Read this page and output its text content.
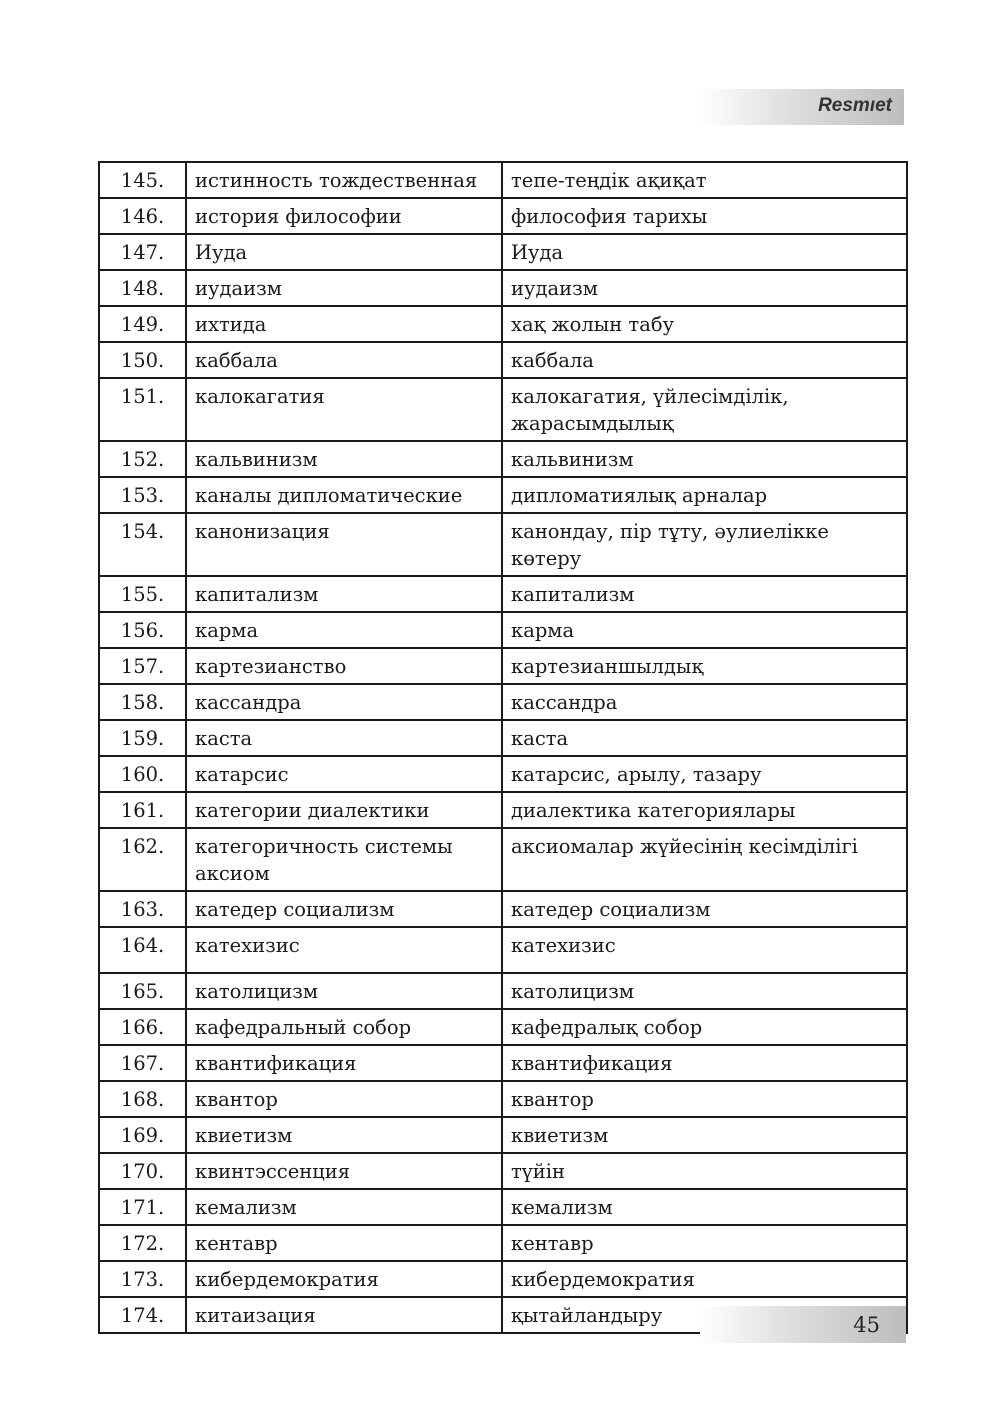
Resmıet
145.	истинность тождественная	тепе-теңдік ақиқат
146.	история философии	философия тарихы
147.	Иуда	Иуда
148.	иудаизм	иудаизм
149.	ихтида	хақ жолын табу
150.	каббала	каббала
151.	калокагатия	калокагатия, үйлесімділік, жарасымдылық
152.	кальвинизм	кальвинизм
153.	каналы дипломатические	дипломатиялық арналар
154.	канонизация	канондау, пір тұту, әулиелікке көтеру
155.	капитализм	капитализм
156.	карма	карма
157.	картезианство	картезианшылдық
158.	кассандра	кассандра
159.	каста	каста
160.	катарсис	катарсис, арылу, тазару
161.	категории диалектики	диалектика категориялары
162.	категоричность системы аксиом	аксиомалар жүйесінің кесімділігі
163.	катедер социализм	катедер социализм
164.	катехизис	катехизис
165.	католицизм	католицизм
166.	кафедральный собор	кафедралық собор
167.	квантификация	квантификация
168.	квантор	квантор
169.	квиетизм	квиетизм
170.	квинтэссенция	түйін
171.	кемализм	кемализм
172.	кентавр	кентавр
173.	кибердемократия	кибердемократия
174.	китаизация	қытайландыру	45
